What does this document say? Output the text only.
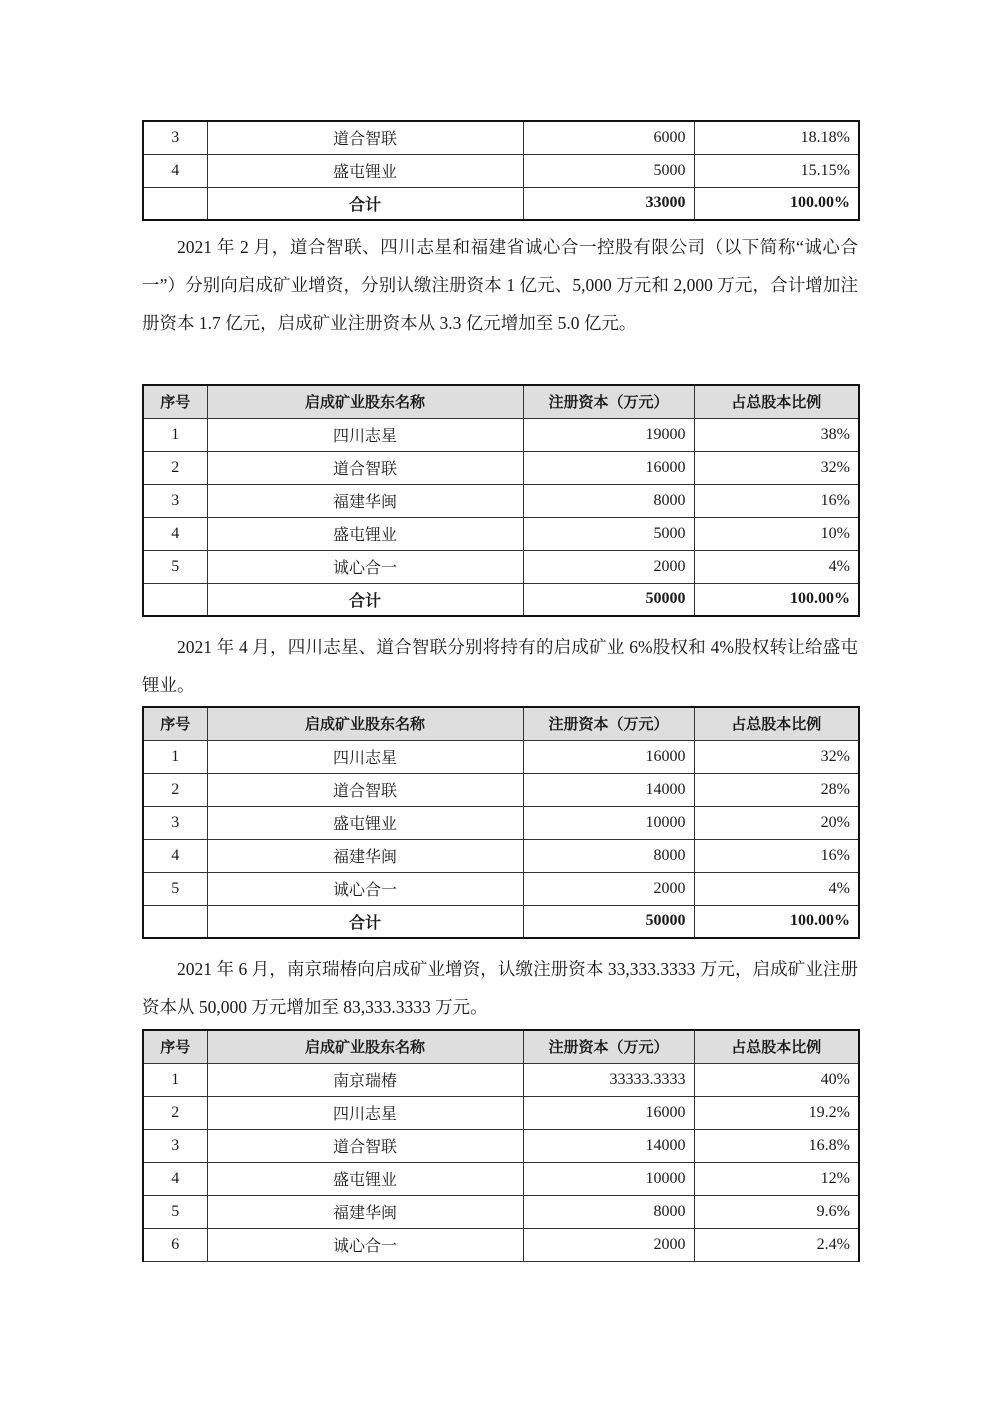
3	道合智联	6000	18.18%
4	盛屯锂业	5000	15.15%
	合计	33000	100.00%

2021 年 2 月，道合智联、四川志星和福建省诚心合一控股有限公司（以下简称“诚心合一”）分别向启成矿业增资，分别认缴注册资本 1 亿元、5,000 万元和 2,000 万元，合计增加注册资本 1.7 亿元，启成矿业注册资本从 3.3 亿元增加至 5.0 亿元。

序号	启成矿业股东名称	注册资本（万元）	占总股本比例
1	四川志星	19000	38%
2	道合智联	16000	32%
3	福建华闽	8000	16%
4	盛屯锂业	5000	10%
5	诚心合一	2000	4%
	合计	50000	100.00%

2021 年 4 月，四川志星、道合智联分别将持有的启成矿业 6%股权和 4%股权转让给盛屯锂业。

序号	启成矿业股东名称	注册资本（万元）	占总股本比例
1	四川志星	16000	32%
2	道合智联	14000	28%
3	盛屯锂业	10000	20%
4	福建华闽	8000	16%
5	诚心合一	2000	4%
	合计	50000	100.00%

2021 年 6 月，南京瑞椿向启成矿业增资，认缴注册资本 33,333.3333 万元，启成矿业注册资本从 50,000 万元增加至 83,333.3333 万元。

序号	启成矿业股东名称	注册资本（万元）	占总股本比例
1	南京瑞椿	33333.3333	40%
2	四川志星	16000	19.2%
3	道合智联	14000	16.8%
4	盛屯锂业	10000	12%
5	福建华闽	8000	9.6%
6	诚心合一	2000	2.4%
